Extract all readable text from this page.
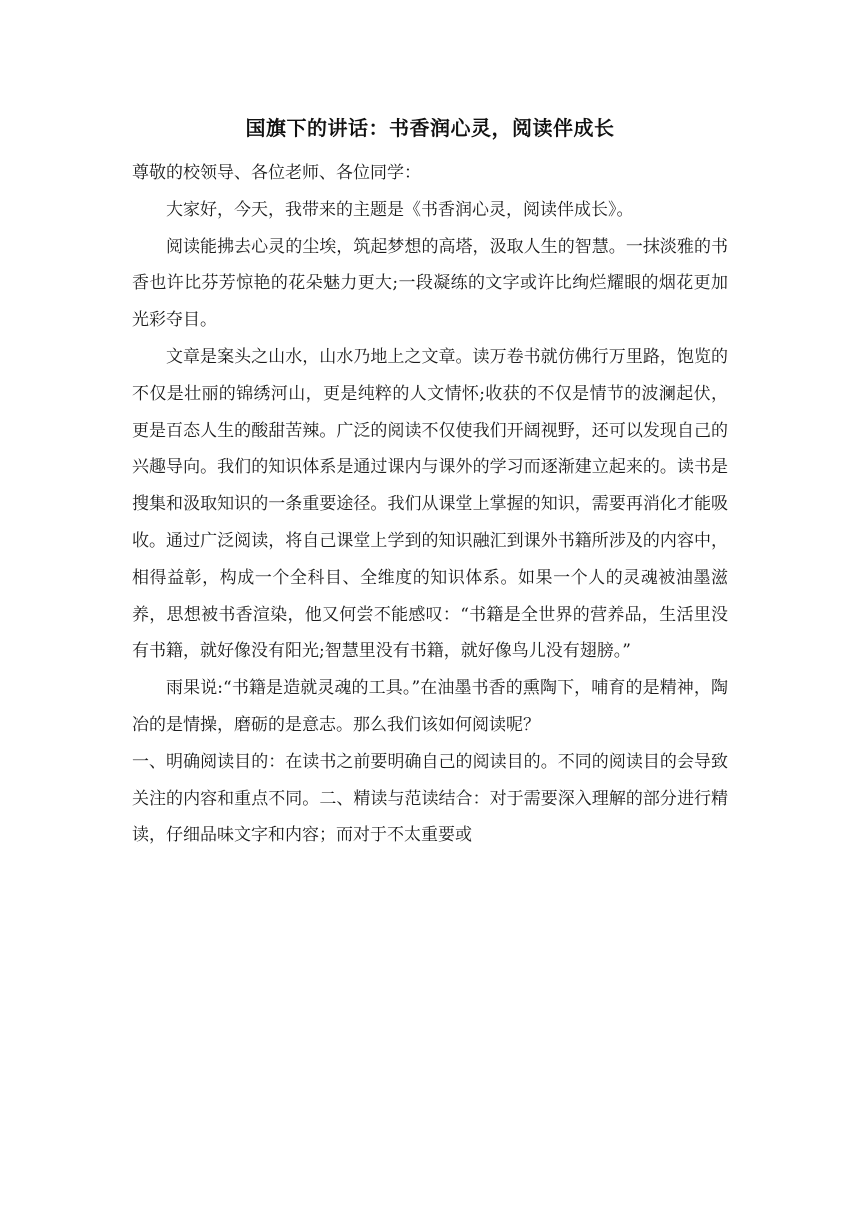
国旗下的讲话：书香润心灵，阅读伴成长

尊敬的校领导、各位老师、各位同学：

大家好，今天，我带来的主题是《书香润心灵，阅读伴成长》。

阅读能拂去心灵的尘埃，筑起梦想的高塔，汲取人生的智慧。一抹淡雅的书香也许比芬芳惊艳的花朵魅力更大;一段凝练的文字或许比绚烂耀眼的烟花更加光彩夺目。

文章是案头之山水，山水乃地上之文章。读万卷书就仿佛行万里路，饱览的不仅是壮丽的锦绣河山，更是纯粹的人文情怀;收获的不仅是情节的波澜起伏，更是百态人生的酸甜苦辣。广泛的阅读不仅使我们开阔视野，还可以发现自己的兴趣导向。我们的知识体系是通过课内与课外的学习而逐渐建立起来的。读书是搜集和汲取知识的一条重要途径。我们从课堂上掌握的知识，需要再消化才能吸收。通过广泛阅读，将自己课堂上学到的知识融汇到课外书籍所涉及的内容中，相得益彰，构成一个全科目、全维度的知识体系。如果一个人的灵魂被油墨滋养，思想被书香渲染，他又何尝不能感叹：“书籍是全世界的营养品，生活里没有书籍，就好像没有阳光;智慧里没有书籍，就好像鸟儿没有翅膀。”

雨果说:“书籍是造就灵魂的工具。”在油墨书香的熏陶下，哺育的是精神，陶冶的是情操，磨砺的是意志。那么我们该如何阅读呢？

一、明确阅读目的：在读书之前要明确自己的阅读目的。不同的阅读目的会导致关注的内容和重点不同。二、精读与范读结合：对于需要深入理解的部分进行精读，仔细品味文字和内容；而对于不太重要或
